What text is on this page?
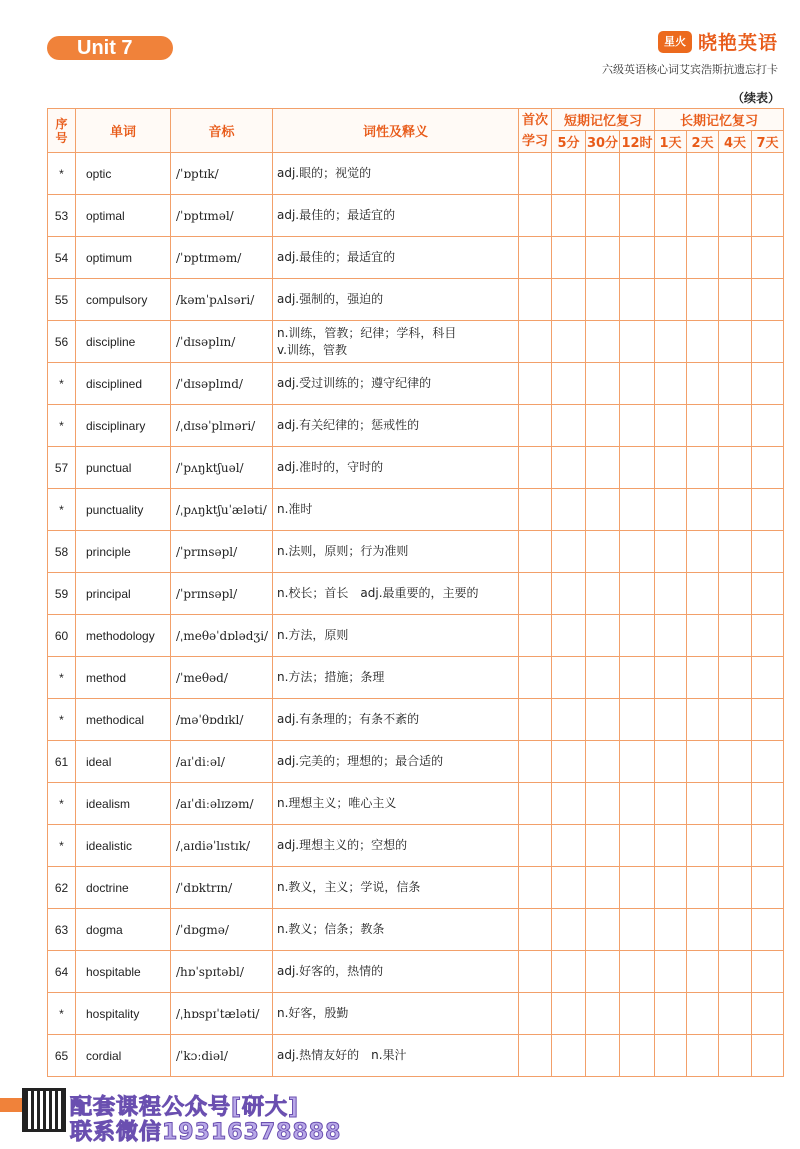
Unit 7	星火 晓艳英语
六级英语核心词艾宾浩斯抗遗忘打卡
（续表）
序号	单词	音标	词性及释义	首次学习	短期记忆复习			长期记忆复习			
					5分	30分	12时	1天	2天	4天	7天
*	optic	/ˈɒptɪk/	adj.眼的；视觉的								

53	optimal	/ˈɒptɪməl/	adj.最佳的；最适宜的								

54	optimum	/ˈɒptɪməm/	adj.最佳的；最适宜的								

55	compulsory	/kəmˈpʌlsəri/	adj.强制的，强迫的								

56	discipline	/ˈdɪsəplɪn/	n.训练，管教；纪律；学科，科目
v.训练，管教								

*	disciplined	/ˈdɪsəplɪnd/	adj.受过训练的；遵守纪律的								

*	disciplinary	/ˌdɪsəˈplɪnəri/	adj.有关纪律的；惩戒性的								

57	punctual	/ˈpʌŋktʃuəl/	adj.准时的，守时的								

*	punctuality	/ˌpʌŋktʃuˈæləti/	n.准时								

58	principle	/ˈprɪnsəpl/	n.法则，原则；行为准则								

59	principal	/ˈprɪnsəpl/	n.校长；首长　adj.最重要的，主要的								

60	methodology	/ˌmeθəˈdɒlədʒi/	n.方法，原则								

*	method	/ˈmeθəd/	n.方法；措施；条理								

*	methodical	/məˈθɒdɪkl/	adj.有条理的；有条不紊的								

61	ideal	/aɪˈdiːəl/	adj.完美的；理想的；最合适的								

*	idealism	/aɪˈdiːəlɪzəm/	n.理想主义；唯心主义								

*	idealistic	/ˌaɪdiəˈlɪstɪk/	adj.理想主义的；空想的								

62	doctrine	/ˈdɒktrɪn/	n.教义，主义；学说，信条								

63	dogma	/ˈdɒgmə/	n.教义；信条；教条								

64	hospitable	/hɒˈspɪtəbl/	adj.好客的，热情的								

*	hospitality	/ˌhɒspɪˈtæləti/	n.好客，殷勤								

65	cordial	/ˈkɔːdiəl/	adj.热情友好的　n.果汁								

配套课程公众号[研大]
联系微信19316378888
